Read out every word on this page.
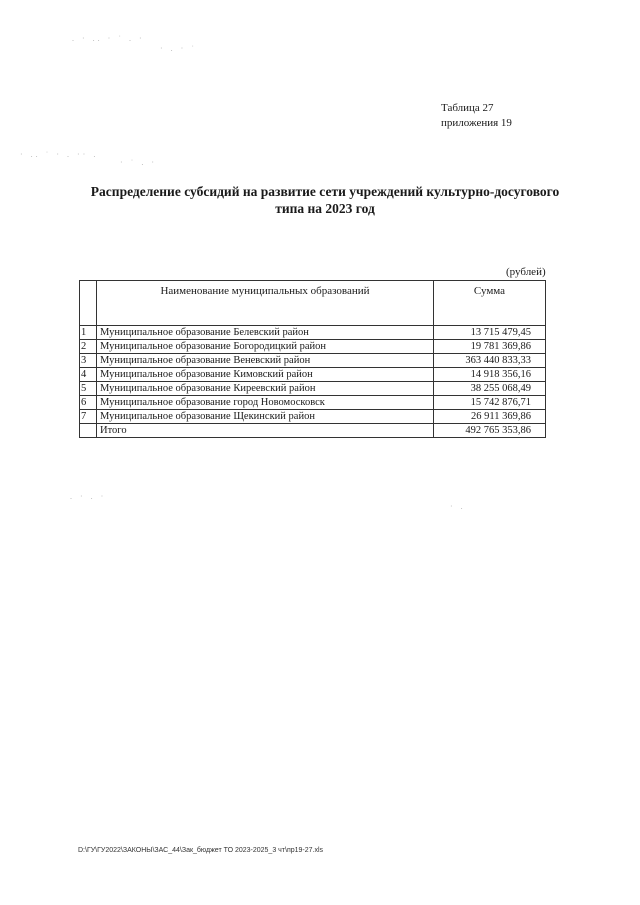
. · .. · ˙ . ·
· . · ˙
· .. ˙ · . ·· .
· ˙ . ·
. · . ·
· .
Таблица 27
приложения 19
Распределение субсидий на развитие сети учреждений культурно-досугового
типа на 2023 год
(рублей)
	Наименование муниципальных образований	Сумма
1	Муниципальное образование Белевский район	13 715 479,45
2	Муниципальное образование Богородицкий район	19 781 369,86
3	Муниципальное образование Веневский район	363 440 833,33
4	Муниципальное образование Кимовский район	14 918 356,16
5	Муниципальное образование Киреевский район	38 255 068,49
6	Муниципальное образование город Новомосковск	15 742 876,71
7	Муниципальное образование Щекинский район	26 911 369,86
	Итого	492 765 353,86
D:\ГУ\ГУ2022\ЗАКОНЫ\ЗАС_44\Зак_бюджет ТО 2023-2025_3 чт\пр19-27.xls
